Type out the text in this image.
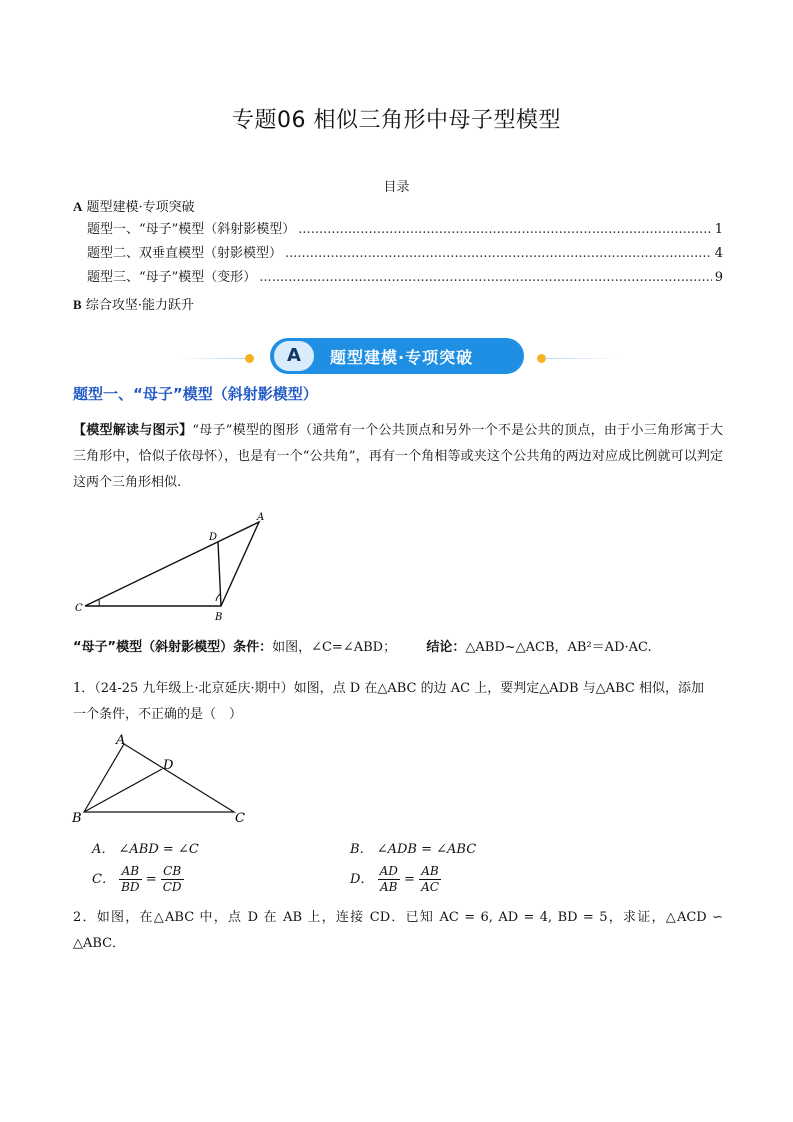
专题06 相似三角形中母子型模型
目录
A 题型建模·专项突破
题型一、“母子”模型（斜射影模型） .....	1
题型二、双垂直模型（射影模型） .....	4
题型三、“母子”模型（变形） .....	9
B 综合攻坚·能力跃升
A	题型建模·专项突破
题型一、“母子”模型（斜射影模型）
【模型解读与图示】“母子”模型的图形（通常有一个公共顶点和另外一个不是公共的顶点，由于小三角形寓于大三角形中，恰似子依母怀），也是有一个“公共角”，再有一个角相等或夹这个公共角的两边对应成比例就可以判定这两个三角形相似.
A
D
C
B
“母子”模型（斜射影模型）条件：如图，∠C=∠ABD； 结论：△ABD~△ACB，AB²＝AD·AC.
1．（24-25 九年级上·北京延庆·期中）如图，点 D 在△ABC 的边 AC 上，要判定△ADB 与△ABC 相似，添加
一个条件，不正确的是（　）
A
D
B	C
A． ∠ABD = ∠C	B． ∠ADB = ∠ABC
C． $\frac{AB}{BD} = \frac{CB}{CD}$	D． $\frac{AD}{AB} = \frac{AB}{AC}$
2．如图，在△ABC 中，点 D 在 AB 上，连接 CD．已知 AC = 6, AD = 4, BD = 5，求证，△ACD ∽ △ABC．
